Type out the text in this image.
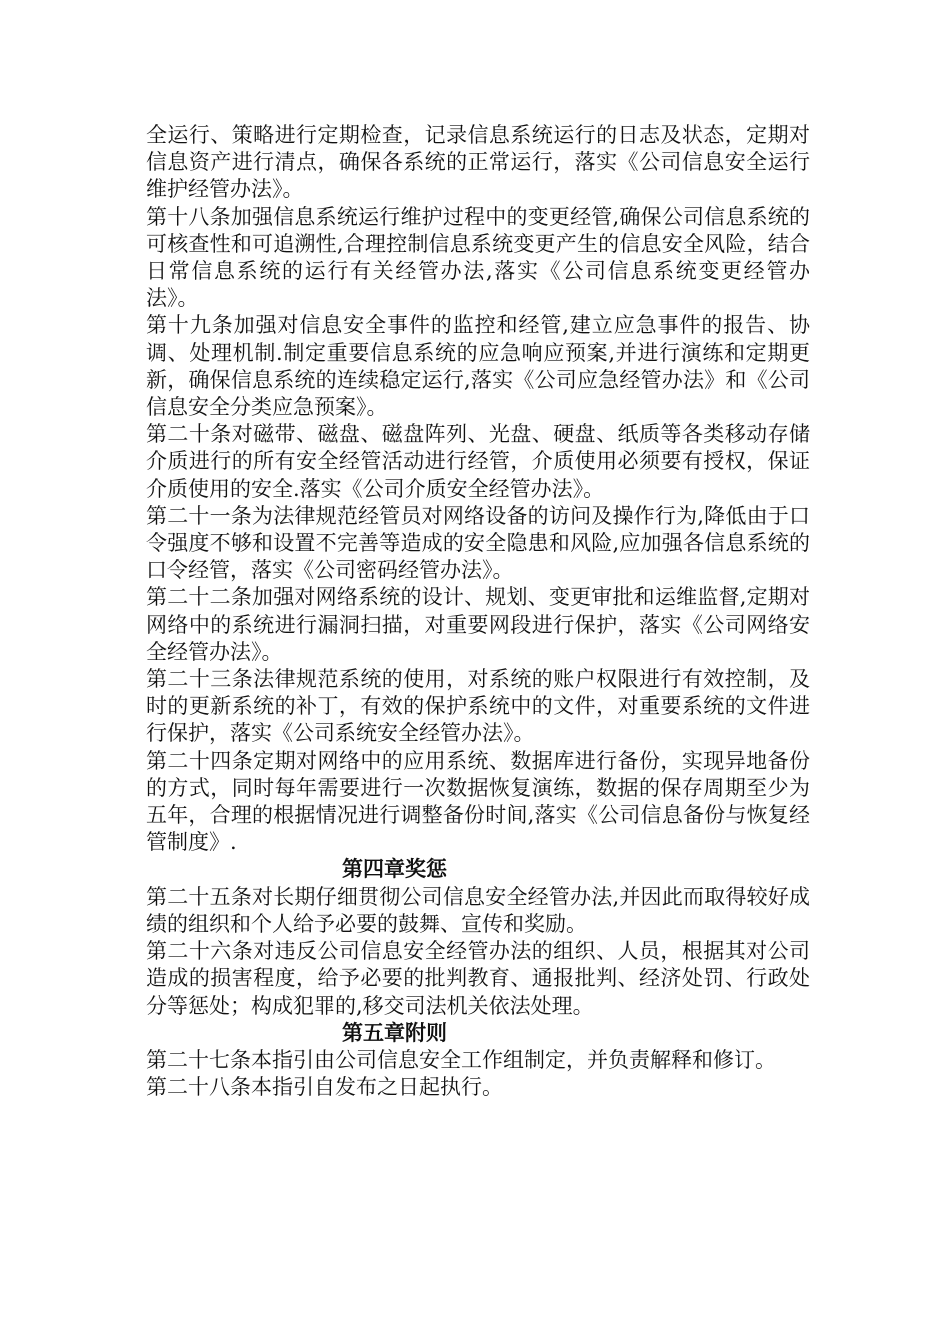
全运行、策略进行定期检查，记录信息系统运行的日志及状态，定期对信息资产进行清点，确保各系统的正常运行，落实《公司信息安全运行维护经管办法》。

第十八条加强信息系统运行维护过程中的变更经管,确保公司信息系统的可核查性和可追溯性,合理控制信息系统变更产生的信息安全风险，结合日常信息系统的运行有关经管办法,落实《公司信息系统变更经管办法》。

第十九条加强对信息安全事件的监控和经管,建立应急事件的报告、协调、处理机制.制定重要信息系统的应急响应预案,并进行演练和定期更新，确保信息系统的连续稳定运行,落实《公司应急经管办法》和《公司信息安全分类应急预案》。

第二十条对磁带、磁盘、磁盘阵列、光盘、硬盘、纸质等各类移动存储介质进行的所有安全经管活动进行经管，介质使用必须要有授权，保证介质使用的安全.落实《公司介质安全经管办法》。

第二十一条为法律规范经管员对网络设备的访问及操作行为,降低由于口令强度不够和设置不完善等造成的安全隐患和风险,应加强各信息系统的口令经管，落实《公司密码经管办法》。

第二十二条加强对网络系统的设计、规划、变更审批和运维监督,定期对网络中的系统进行漏洞扫描，对重要网段进行保护，落实《公司网络安全经管办法》。

第二十三条法律规范系统的使用，对系统的账户权限进行有效控制，及时的更新系统的补丁，有效的保护系统中的文件，对重要系统的文件进行保护，落实《公司系统安全经管办法》。

第二十四条定期对网络中的应用系统、数据库进行备份，实现异地备份的方式，同时每年需要进行一次数据恢复演练，数据的保存周期至少为五年，合理的根据情况进行调整备份时间,落实《公司信息备份与恢复经管制度》.

第四章奖惩

第二十五条对长期仔细贯彻公司信息安全经管办法,并因此而取得较好成绩的组织和个人给予必要的鼓舞、宣传和奖励。

第二十六条对违反公司信息安全经管办法的组织、人员，根据其对公司造成的损害程度，给予必要的批判教育、通报批判、经济处罚、行政处分等惩处；构成犯罪的,移交司法机关依法处理。

第五章附则

第二十七条本指引由公司信息安全工作组制定，并负责解释和修订。

第二十八条本指引自发布之日起执行。
